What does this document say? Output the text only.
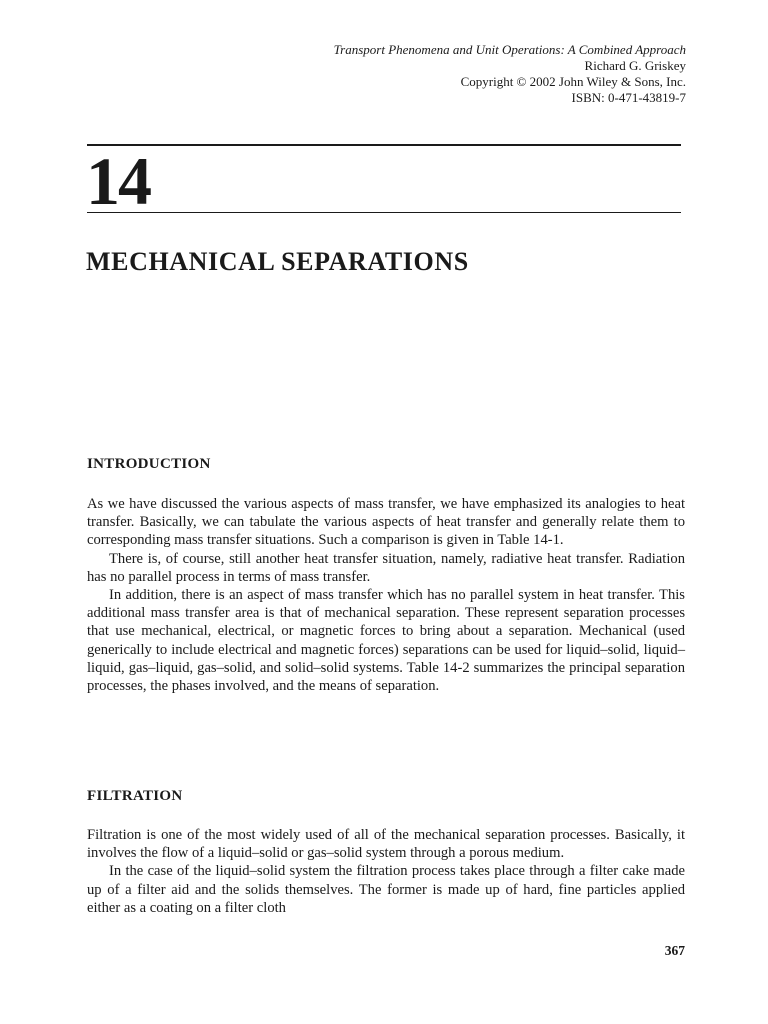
Transport Phenomena and Unit Operations: A Combined Approach
Richard G. Griskey
Copyright © 2002 John Wiley & Sons, Inc.
ISBN: 0-471-43819-7
14
MECHANICAL SEPARATIONS
INTRODUCTION

As we have discussed the various aspects of mass transfer, we have emphasized its analogies to heat transfer. Basically, we can tabulate the various aspects of heat transfer and generally relate them to corresponding mass transfer situations. Such a comparison is given in Table 14-1.

There is, of course, still another heat transfer situation, namely, radiative heat transfer. Radiation has no parallel process in terms of mass transfer.

In addition, there is an aspect of mass transfer which has no parallel system in heat transfer. This additional mass transfer area is that of mechanical separation. These represent separation processes that use mechanical, electrical, or magnetic forces to bring about a separation. Mechanical (used generically to include electrical and magnetic forces) separations can be used for liquid–solid, liquid–liquid, gas–liquid, gas–solid, and solid–solid systems. Table 14-2 summarizes the principal separation processes, the phases involved, and the means of separation.

FILTRATION

Filtration is one of the most widely used of all of the mechanical separation processes. Basically, it involves the flow of a liquid–solid or gas–solid system through a porous medium.

In the case of the liquid–solid system the filtration process takes place through a filter cake made up of a filter aid and the solids themselves. The former is made up of hard, fine particles applied either as a coating on a filter cloth

367
